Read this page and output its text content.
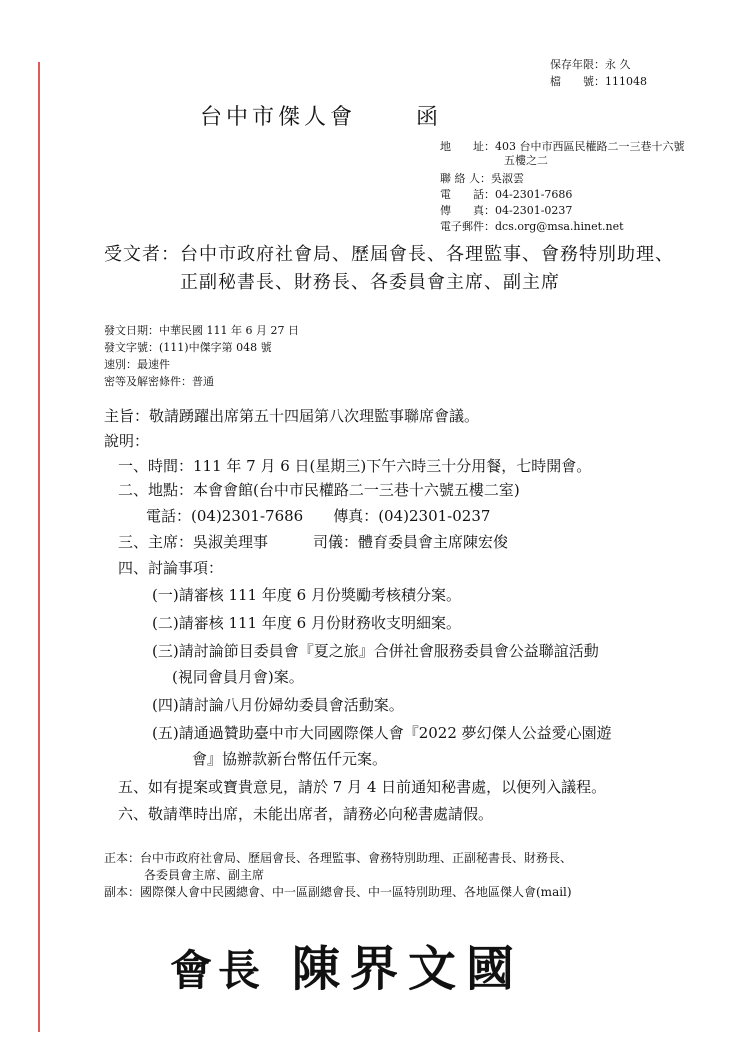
保存年限：永 久
檔　　號：111048
台中市傑人會	函
地　　址：403 台中市西區民權路二一三巷十六號
五樓之二
聯 絡 人：吳淑雲
電　　話：04-2301-7686
傳　　真：04-2301-0237
電子郵件：dcs.org@msa.hinet.net
受文者：台中市政府社會局、歷屆會長、各理監事、會務特別助理、
正副秘書長、財務長、各委員會主席、副主席
發文日期：中華民國 111 年 6 月 27 日
發文字號：(111)中傑字第 048 號
速別：最速件
密等及解密條件：普通
主旨：敬請踴躍出席第五十四屆第八次理監事聯席會議。
說明：
一、時間：111 年 7 月 6 日(星期三)下午六時三十分用餐，七時開會。
二、地點：本會會館(台中市民權路二一三巷十六號五樓二室)
電話：(04)2301-7686　　傳真：(04)2301-0237
三、主席：吳淑美理事　　　司儀：體育委員會主席陳宏俊
四、討論事項：
(一)請審核 111 年度 6 月份獎勵考核積分案。
(二)請審核 111 年度 6 月份財務收支明細案。
(三)請討論節目委員會『夏之旅』合併社會服務委員會公益聯誼活動
(視同會員月會)案。
(四)請討論八月份婦幼委員會活動案。
(五)請通過贊助臺中市大同國際傑人會『2022 夢幻傑人公益愛心園遊
會』協辦款新台幣伍仟元案。
五、如有提案或寶貴意見，請於 7 月 4 日前通知秘書處，以便列入議程。
六、敬請準時出席，未能出席者，請務必向秘書處請假。
正本：台中市政府社會局、歷屆會長、各理監事、會務特別助理、正副秘書長、財務長、
各委員會主席、副主席
副本：國際傑人會中民國總會、中一區副總會長、中一區特別助理、各地區傑人會(mail)
會長 陳界文國
